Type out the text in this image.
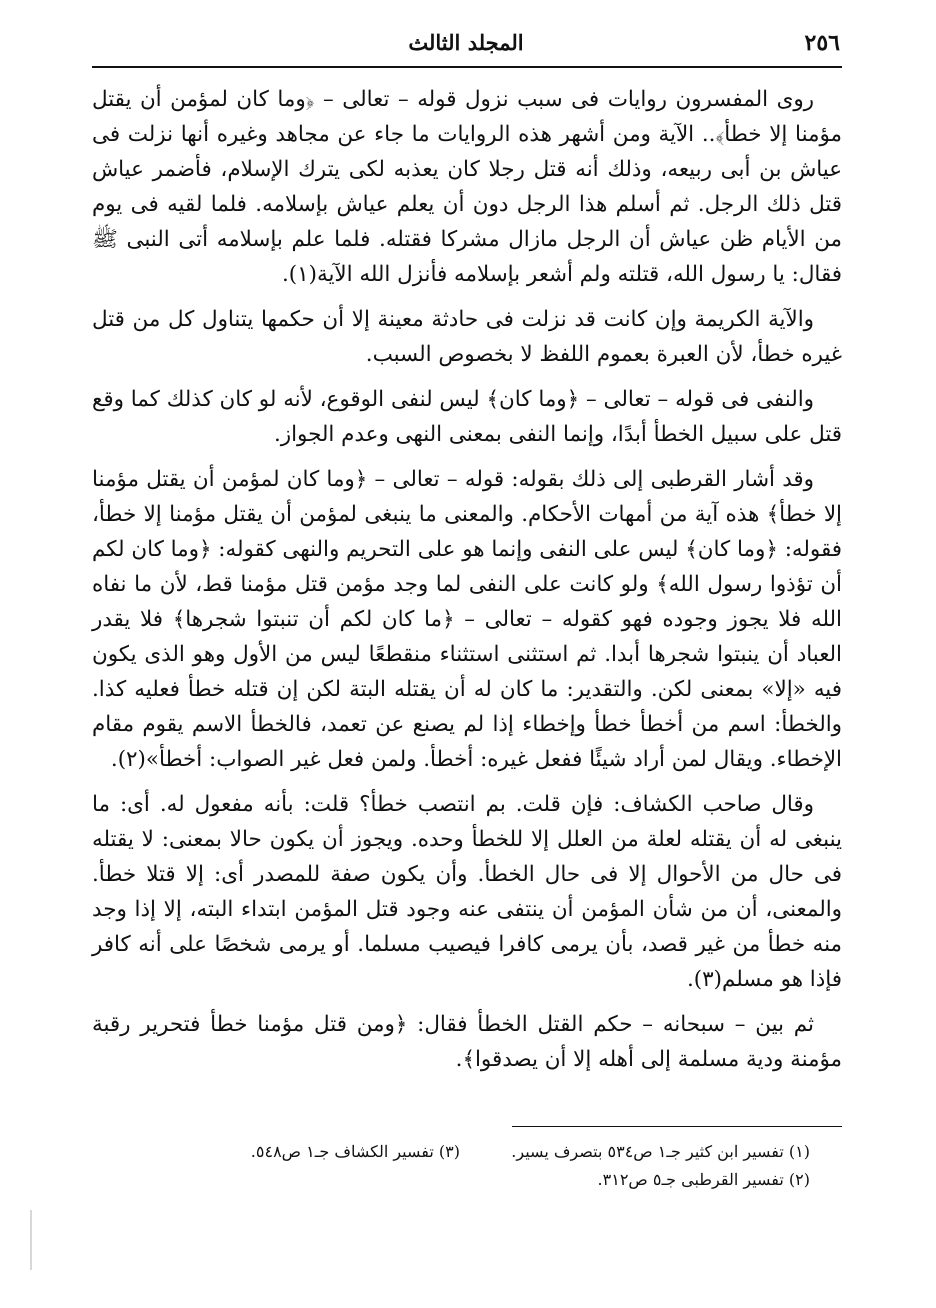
٢٥٦
المجلد الثالث

روى المفسرون روايات فى سبب نزول قوله – تعالى – ﴿وما كان لمؤمن أن يقتل مؤمنا إلا خطأ﴾.. الآية ومن أشهر هذه الروايات ما جاء عن مجاهد وغيره أنها نزلت فى عياش بن أبى ربيعه، وذلك أنه قتل رجلا كان يعذبه لكى يترك الإسلام، فأضمر عياش قتل ذلك الرجل. ثم أسلم هذا الرجل دون أن يعلم عياش بإسلامه. فلما لقيه فى يوم من الأيام ظن عياش أن الرجل مازال مشركا فقتله. فلما علم بإسلامه أتى النبى ﷺ فقال: يا رسول الله، قتلته ولم أشعر بإسلامه فأنزل الله الآية(١).

والآية الكريمة وإن كانت قد نزلت فى حادثة معينة إلا أن حكمها يتناول كل من قتل غيره خطأ، لأن العبرة بعموم اللفظ لا بخصوص السبب.

والنفى فى قوله – تعالى – ﴿وما كان﴾ ليس لنفى الوقوع، لأنه لو كان كذلك كما وقع قتل على سبيل الخطأ أبدًا، وإنما النفى بمعنى النهى وعدم الجواز.

وقد أشار القرطبى إلى ذلك بقوله: قوله – تعالى – ﴿وما كان لمؤمن أن يقتل مؤمنا إلا خطأ﴾ هذه آية من أمهات الأحكام. والمعنى ما ينبغى لمؤمن أن يقتل مؤمنا إلا خطأ، فقوله: ﴿وما كان﴾ ليس على النفى وإنما هو على التحريم والنهى كقوله: ﴿وما كان لكم أن تؤذوا رسول الله﴾ ولو كانت على النفى لما وجد مؤمن قتل مؤمنا قط، لأن ما نفاه الله فلا يجوز وجوده فهو كقوله – تعالى – ﴿ما كان لكم أن تنبتوا شجرها﴾ فلا يقدر العباد أن ينبتوا شجرها أبدا. ثم استثنى استثناء منقطعًا ليس من الأول وهو الذى يكون فيه «إلا» بمعنى لكن. والتقدير: ما كان له أن يقتله البتة لكن إن قتله خطأ فعليه كذا. والخطأ: اسم من أخطأ خطأ وإخطاء إذا لم يصنع عن تعمد، فالخطأ الاسم يقوم مقام الإخطاء. ويقال لمن أراد شيئًا ففعل غيره: أخطأ. ولمن فعل غير الصواب: أخطأ»(٢).

وقال صاحب الكشاف: فإن قلت. بم انتصب خطأ؟ قلت: بأنه مفعول له. أى: ما ينبغى له أن يقتله لعلة من العلل إلا للخطأ وحده. ويجوز أن يكون حالا بمعنى: لا يقتله فى حال من الأحوال إلا فى حال الخطأ. وأن يكون صفة للمصدر أى: إلا قتلا خطأ. والمعنى، أن من شأن المؤمن أن ينتفى عنه وجود قتل المؤمن ابتداء البته، إلا إذا وجد منه خطأ من غير قصد، بأن يرمى كافرا فيصيب مسلما. أو يرمى شخصًا على أنه كافر فإذا هو مسلم(٣).

ثم بين – سبحانه – حكم القتل الخطأ فقال: ﴿ومن قتل مؤمنا خطأ فتحرير رقبة مؤمنة ودية مسلمة إلى أهله إلا أن يصدقوا﴾.

(١) تفسير ابن كثير جـ١ ص٥٣٤ بتصرف يسير.
(٣) تفسير الكشاف جـ١ ص٥٤٨.
(٢) تفسير القرطبى جـ٥ ص٣١٢.
